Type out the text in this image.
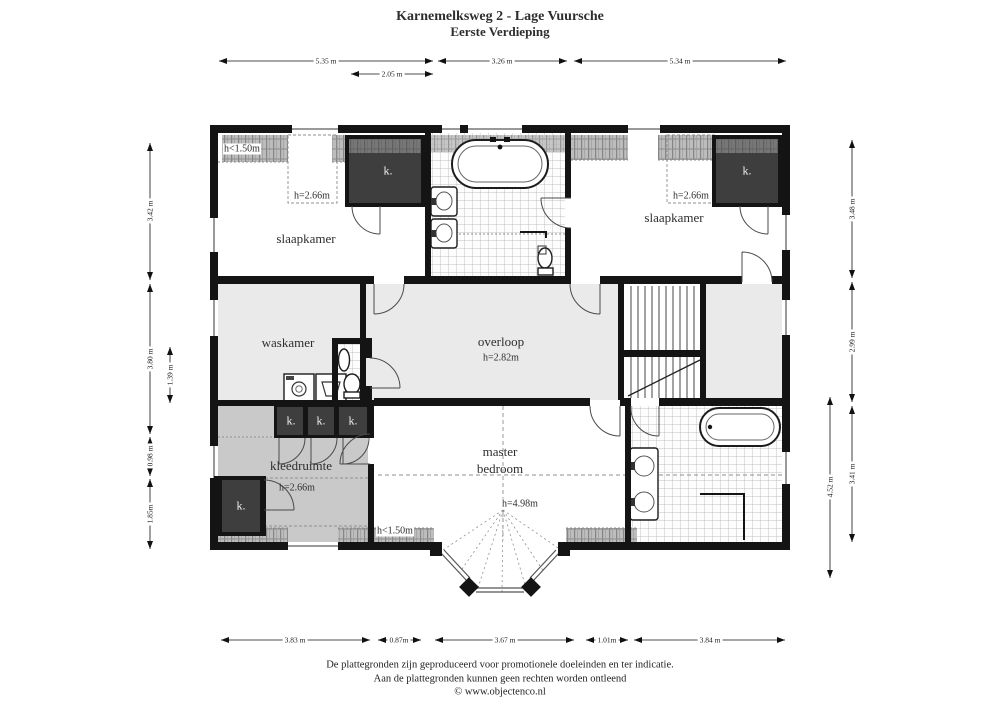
Karnemelksweg 2 - Lage Vuursche
Eerste Verdieping
slaapkamer
h=2.66m
slaapkamer
h=2.66m
waskamer	overloop
h=2.82m
master bedroom
h=4.98m
kleedruimte
h=2.66m
k.	k.
k. k. k.
k.
h<1.50m
h<1.50m
5.35 m	3.26 m	5.34 m
2.05 m
3.83 m	0.87m	3.67 m	1.01m	3.84 m
3.42 m
3.80 m
0.98 m
1.85m
1.39 m
3.48 m
2.99 m
3.41 m
4.52 m
De plattegronden zijn geproduceerd voor promotionele doeleinden en ter indicatie.
Aan de plattegronden kunnen geen rechten worden ontleend
© www.objectenco.nl
